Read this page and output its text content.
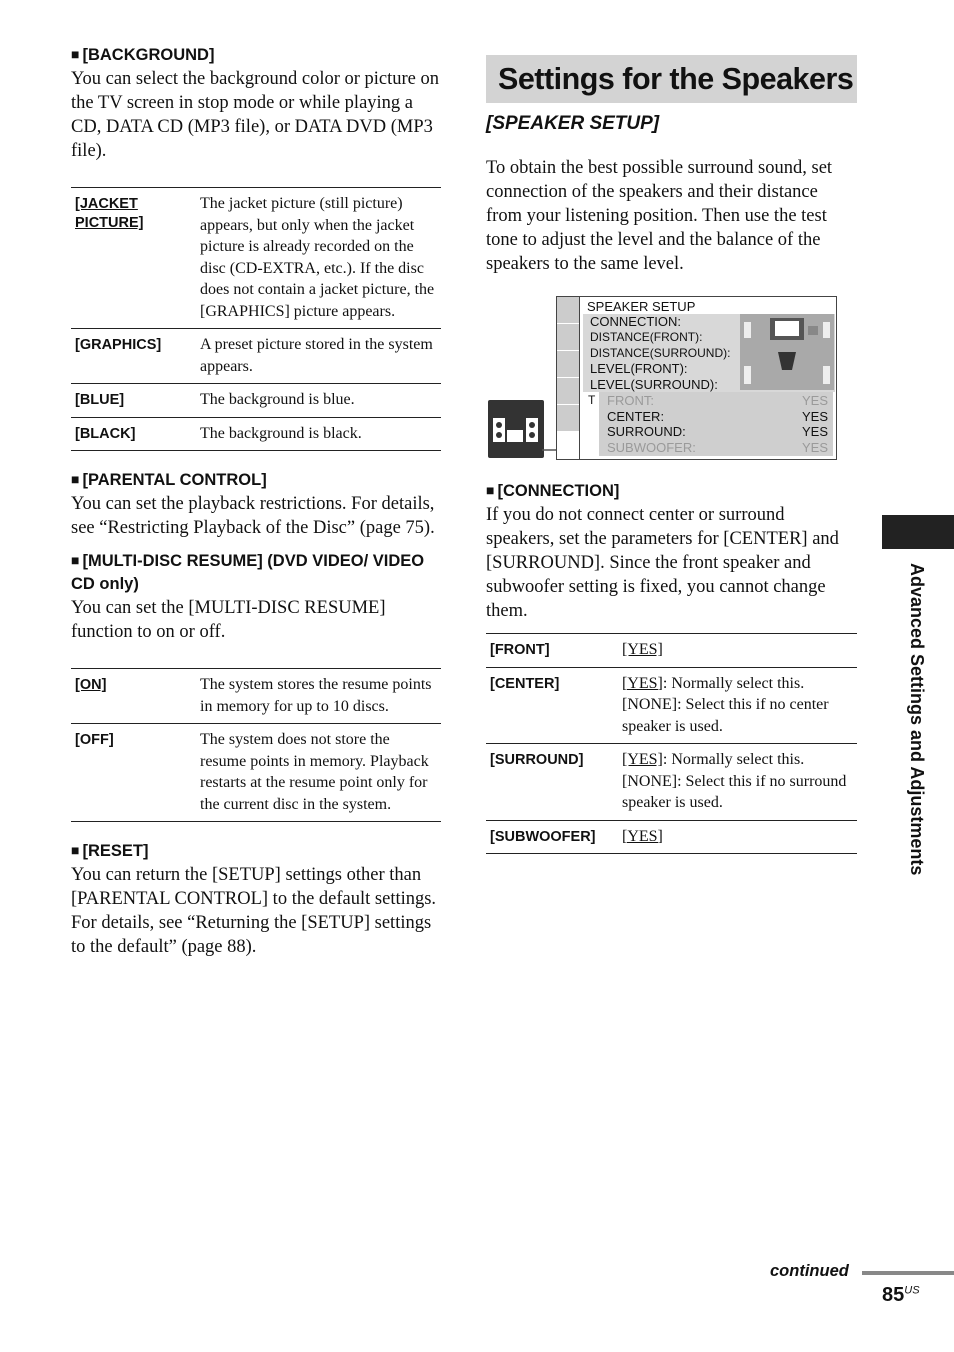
■ [BACKGROUND]

You can select the background color or picture on the TV screen in stop mode or while playing a CD, DATA CD (MP3 file), or DATA DVD (MP3 file).

[JACKET PICTURE]	The jacket picture (still picture) appears, but only when the jacket picture is already recorded on the disc (CD-EXTRA, etc.). If the disc does not contain a jacket picture, the [GRAPHICS] picture appears.
[GRAPHICS]	A preset picture stored in the system appears.
[BLUE]	The background is blue.
[BLACK]	The background is black.

■ [PARENTAL CONTROL]

You can set the playback restrictions. For details, see “Restricting Playback of the Disc” (page 75).

■ [MULTI-DISC RESUME] (DVD VIDEO/ VIDEO CD only)

You can set the [MULTI-DISC RESUME] function to on or off.

[ON]	The system stores the resume points in memory for up to 10 discs.
[OFF]	The system does not store the resume points in memory. Playback restarts at the resume point only for the current disc in the system.

■ [RESET]

You can return the [SETUP] settings other than [PARENTAL CONTROL] to the default settings. For details, see “Returning the [SETUP] settings to the default” (page 88).

Settings for the Speakers

[SPEAKER SETUP]

To obtain the best possible surround sound, set connection of the speakers and their distance from your listening position. Then use the test tone to adjust the level and the balance of the speakers to the same level.

SPEAKER SETUP
CONNECTION:
DISTANCE(FRONT):
DISTANCE(SURROUND):
LEVEL(FRONT):
LEVEL(SURROUND):
T FRONT:	YES
CENTER:	YES
SURROUND:	YES
SUBWOOFER:	YES

■ [CONNECTION]

If you do not connect center or surround speakers, set the parameters for [CENTER] and [SURROUND]. Since the front speaker and subwoofer setting is fixed, you cannot change them.

[FRONT]	[YES]
[CENTER]	[YES]: Normally select this. [NONE]: Select this if no center speaker is used.
[SURROUND]	[YES]: Normally select this. [NONE]: Select this if no surround speaker is used.
[SUBWOOFER]	[YES]	Advanced Settings and Adjustments
continued
$85^{US}$
